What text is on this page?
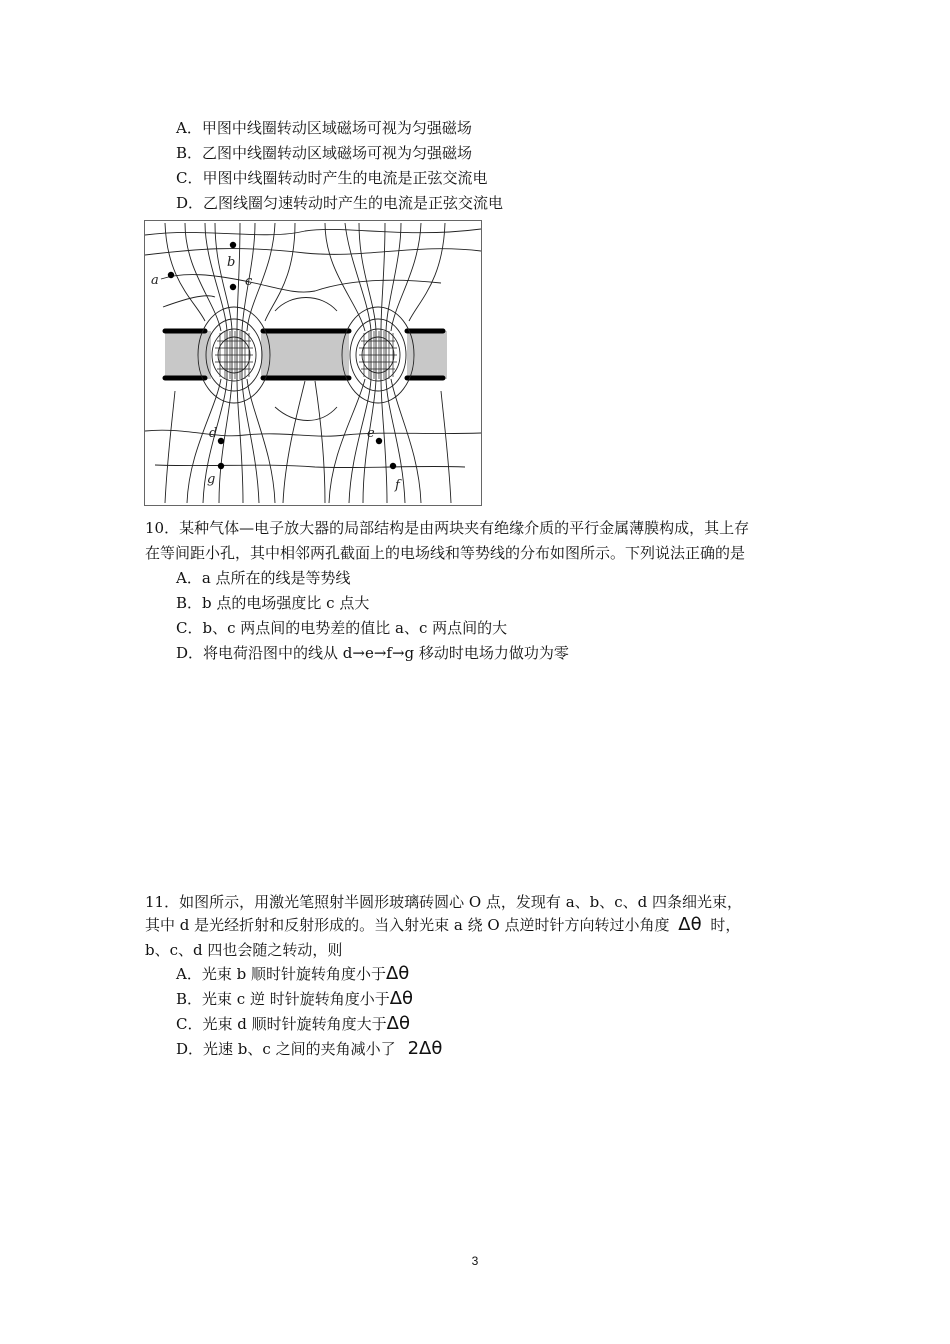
A．甲图中线圈转动区域磁场可视为匀强磁场
B．乙图中线圈转动区域磁场可视为匀强磁场
C．甲图中线圈转动时产生的电流是正弦交流电
D．乙图线圈匀速转动时产生的电流是正弦交流电
a
b
c
d	e
f
g
10．某种气体—电子放大器的局部结构是由两块夹有绝缘介质的平行金属薄膜构成，其上存
在等间距小孔，其中相邻两孔截面上的电场线和等势线的分布如图所示。下列说法正确的是
A．a 点所在的线是等势线
B．b 点的电场强度比 c 点大
C．b、c 两点间的电势差的值比 a、c 两点间的大
D．将电荷沿图中的线从 d→e→f→g 移动时电场力做功为零
11．如图所示，用激光笔照射半圆形玻璃砖圆心 O 点，发现有 a、b、c、d 四条细光束，
其中 d 是光经折射和反射形成的。当入射光束 a 绕 O 点逆时针方向转过小角度 Δθ 时，
b、c、d 四也会随之转动，则
A．光束 b 顺时针旋转角度小于Δθ
B．光束 c 逆 时针旋转角度小于Δθ
C．光束 d 顺时针旋转角度大于Δθ
D．光速 b、c 之间的夹角减小了 2Δθ
3
